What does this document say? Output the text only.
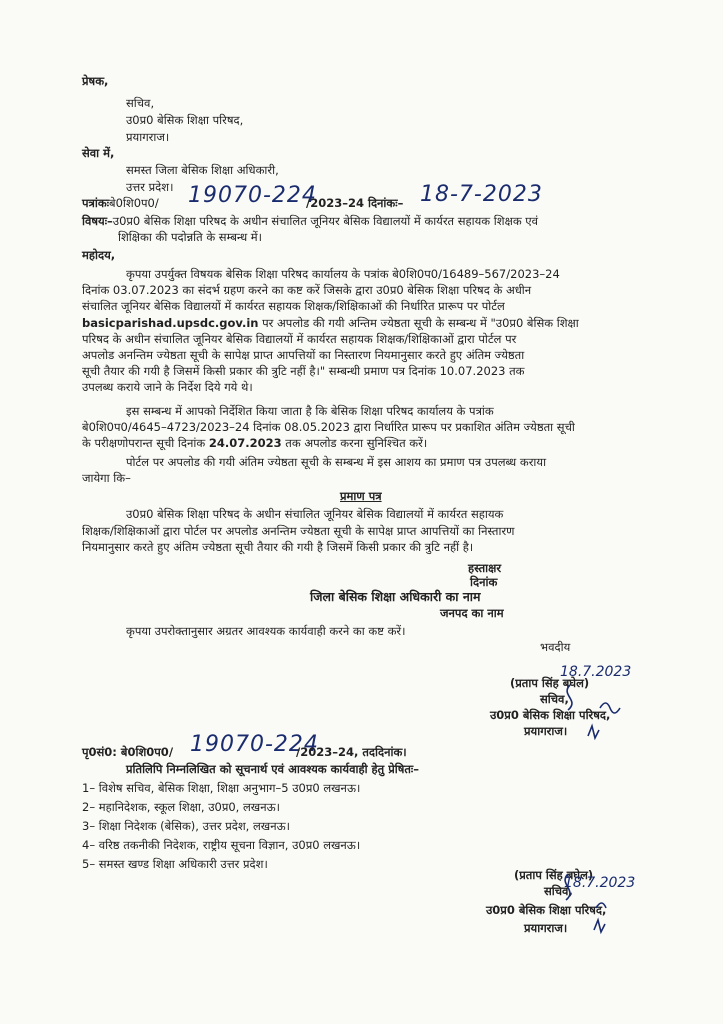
प्रेषक,
सचिव,
उ0प्र0 बेसिक शिक्षा परिषद,
प्रयागराज।
सेवा में,
समस्त जिला बेसिक शिक्षा अधिकारी,
उत्तर प्रदेश।
पत्रांकःबे0शि0प0/ 19070-224
/2023–24 दिनांकः– 18-7-2023
विषयः–उ0प्र0 बेसिक शिक्षा परिषद के अधीन संचालित जूनियर बेसिक विद्यालयों में कार्यरत सहायक शिक्षक एवं
शिक्षिका की पदोन्नति के सम्बन्ध में।
महोदय,
कृपया उपर्युक्त विषयक बेसिक शिक्षा परिषद कार्यालय के पत्रांक बे0शि0प0/16489–567/2023–24
दिनांक 03.07.2023 का संदर्भ ग्रहण करने का कष्ट करें जिसके द्वारा उ0प्र0 बेसिक शिक्षा परिषद के अधीन
संचालित जूनियर बेसिक विद्यालयों में कार्यरत सहायक शिक्षक/शिक्षिकाओं की निर्धारित प्रारूप पर पोर्टल
basicparishad.upsdc.gov.in पर अपलोड की गयी अन्तिम ज्येष्ठता सूची के सम्बन्ध में "उ0प्र0 बेसिक शिक्षा
परिषद के अधीन संचालित जूनियर बेसिक विद्यालयों में कार्यरत सहायक शिक्षक/शिक्षिकाओं द्वारा पोर्टल पर
अपलोड अनन्तिम ज्येष्ठता सूची के सापेक्ष प्राप्त आपत्तियों का निस्तारण नियमानुसार करते हुए अंतिम ज्येष्ठता
सूची तैयार की गयी है जिसमें किसी प्रकार की त्रुटि नहीं है।" सम्बन्धी प्रमाण पत्र दिनांक 10.07.2023 तक
उपलब्ध कराये जाने के निर्देश दिये गये थे।
इस सम्बन्ध में आपको निर्देशित किया जाता है कि बेसिक शिक्षा परिषद कार्यालय के पत्रांक
बे0शि0प0/4645–4723/2023–24 दिनांक 08.05.2023 द्वारा निर्धारित प्रारूप पर प्रकाशित अंतिम ज्येष्ठता सूची
के परीक्षणोपरान्त सूची दिनांक 24.07.2023 तक अपलोड करना सुनिश्चित करें।
पोर्टल पर अपलोड की गयी अंतिम ज्येष्ठता सूची के सम्बन्ध में इस आशय का प्रमाण पत्र उपलब्ध कराया
जायेगा कि–
प्रमाण पत्र
उ0प्र0 बेसिक शिक्षा परिषद के अधीन संचालित जूनियर बेसिक विद्यालयों में कार्यरत सहायक
शिक्षक/शिक्षिकाओं द्वारा पोर्टल पर अपलोड अनन्तिम ज्येष्ठता सूची के सापेक्ष प्राप्त आपत्तियों का निस्तारण
नियमानुसार करते हुए अंतिम ज्येष्ठता सूची तैयार की गयी है जिसमें किसी प्रकार की त्रुटि नहीं है।
हस्ताक्षर
दिनांक
जिला बेसिक शिक्षा अधिकारी का नाम
जनपद का नाम
कृपया उपरोक्तानुसार अग्रतर आवश्यक कार्यवाही करने का कष्ट करें।
भवदीय
(प्रताप सिंह बघेल)
सचिव,
उ0प्र0 बेसिक शिक्षा परिषद,
प्रयागराज।
18.7.2023
पृ0सं0: बे0शि0प0/ 19070-224
/2023–24, तददिनांक।
प्रतिलिपि निम्नलिखित को सूचनार्थ एवं आवश्यक कार्यवाही हेतु प्रेषितः–
1– विशेष सचिव, बेसिक शिक्षा, शिक्षा अनुभाग–5 उ0प्र0 लखनऊ।
2– महानिदेशक, स्कूल शिक्षा, उ0प्र0, लखनऊ।
3– शिक्षा निदेशक (बेसिक), उत्तर प्रदेश, लखनऊ।
4– वरिष्ठ तकनीकी निदेशक, राष्ट्रीय सूचना विज्ञान, उ0प्र0 लखनऊ।
5– समस्त खण्ड शिक्षा अधिकारी उत्तर प्रदेश।
(प्रताप सिंह बघेल)
सचिव,
उ0प्र0 बेसिक शिक्षा परिषद,
प्रयागराज।
18.7.2023
